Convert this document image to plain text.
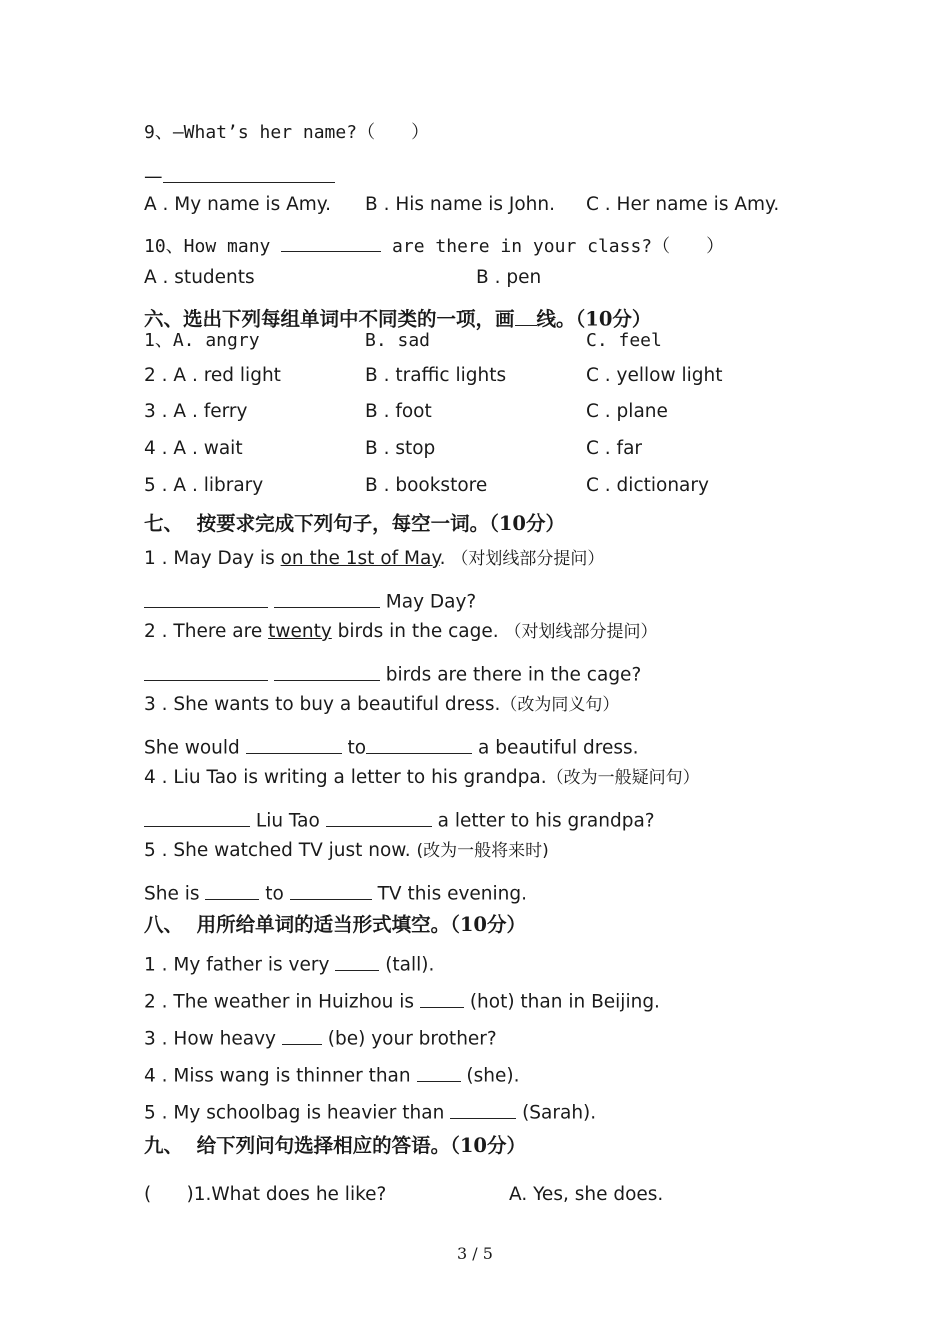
9、—What’s her name?（　　）
—
A . My name is Amy. B . His name is John. C . Her name is Amy.
10、How many	are there in your class?（　　）
A . students	B . pen
六、选出下列每组单词中不同类的一项，画 线。（10分）
1、A. angry	B. sad	C. feel
2 . A . red light	B . traffic lights	C . yellow light
3 . A . ferry	B . foot	C . plane
4 . A . wait	B . stop	C . far
5 . A . library	B . bookstore	C . dictionary
七、  按要求完成下列句子，每空一词。（10分）
1 . May Day is on the 1st of May. （对划线部分提问）
May Day?
2 . There are twenty birds in the cage. （对划线部分提问）
birds are there in the cage?
3 . She wants to buy a beautiful dress.（改为同义句）
She would	to	a beautiful dress.
4 . Liu Tao is writing a letter to his grandpa.（改为一般疑问句）
Liu Tao	a letter to his grandpa?
5 . She watched TV just now. (改为一般将来时)
She is	to	TV this evening.
八、  用所给单词的适当形式填空。（10分）
1 . My father is very  (tall).
2 . The weather in Huizhou is  (hot) than in Beijing.
3 . How heavy  (be) your brother?
4 . Miss wang is thinner than  (she).
5 . My schoolbag is heavier than	(Sarah).
九、  给下列问句选择相应的答语。（10分）
(      )1.What does he like?	A. Yes, she does.
3 / 5
